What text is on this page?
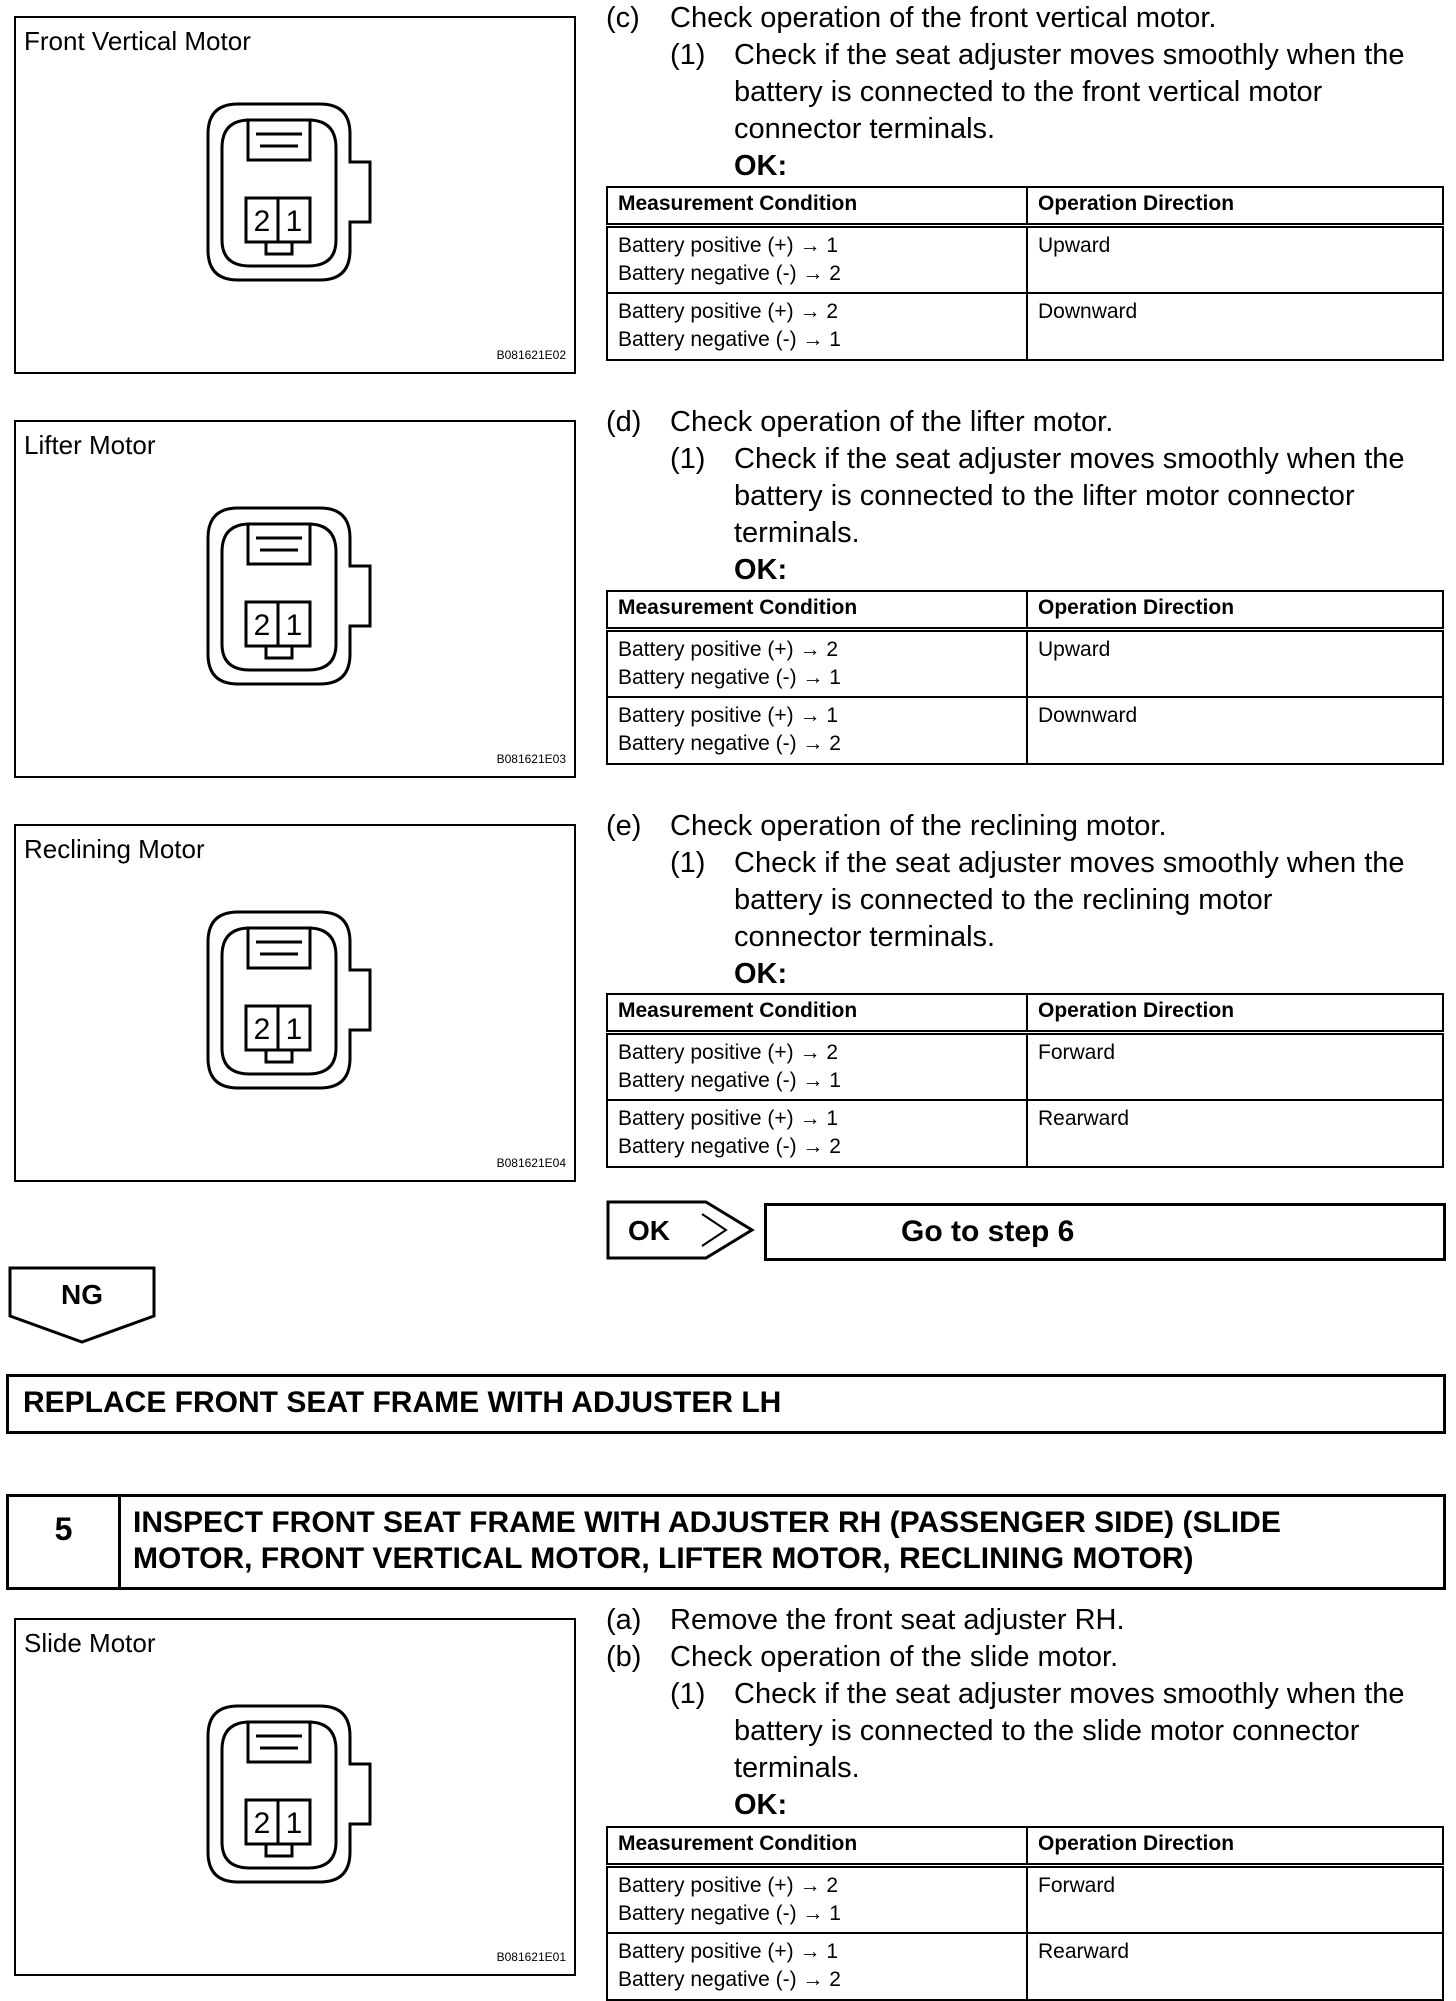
Front Vertical Motor
2 1
B081621E02
Lifter Motor
2 1
B081621E03
Reclining Motor
2 1
B081621E04
Slide Motor
2 1
B081621E01
(c) Check operation of the front vertical motor.
(1) Check if the seat adjuster moves smoothly when the
battery is connected to the front vertical motor
connector terminals.
OK:
Measurement Condition	Operation Direction

Battery positive (+) → 1
Battery negative (-) → 2	Upward

Battery positive (+) → 2
Battery negative (-) → 1	Downward
(d) Check operation of the lifter motor.
(1) Check if the seat adjuster moves smoothly when the
battery is connected to the lifter motor connector
terminals.
OK:
Measurement Condition	Operation Direction

Battery positive (+) → 2
Battery negative (-) → 1	Upward

Battery positive (+) → 1
Battery negative (-) → 2	Downward
(e) Check operation of the reclining motor.
(1) Check if the seat adjuster moves smoothly when the
battery is connected to the reclining motor
connector terminals.
OK:
Measurement Condition	Operation Direction

Battery positive (+) → 2
Battery negative (-) → 1	Forward

Battery positive (+) → 1
Battery negative (-) → 2	Rearward
OK	Go to step 6
NG
REPLACE FRONT SEAT FRAME WITH ADJUSTER LH
5	INSPECT FRONT SEAT FRAME WITH ADJUSTER RH (PASSENGER SIDE) (SLIDE
MOTOR, FRONT VERTICAL MOTOR, LIFTER MOTOR, RECLINING MOTOR)
(a) Remove the front seat adjuster RH.
(b) Check operation of the slide motor.
(1) Check if the seat adjuster moves smoothly when the
battery is connected to the slide motor connector
terminals.
OK:
Measurement Condition	Operation Direction

Battery positive (+) → 2
Battery negative (-) → 1	Forward

Battery positive (+) → 1
Battery negative (-) → 2	Rearward
